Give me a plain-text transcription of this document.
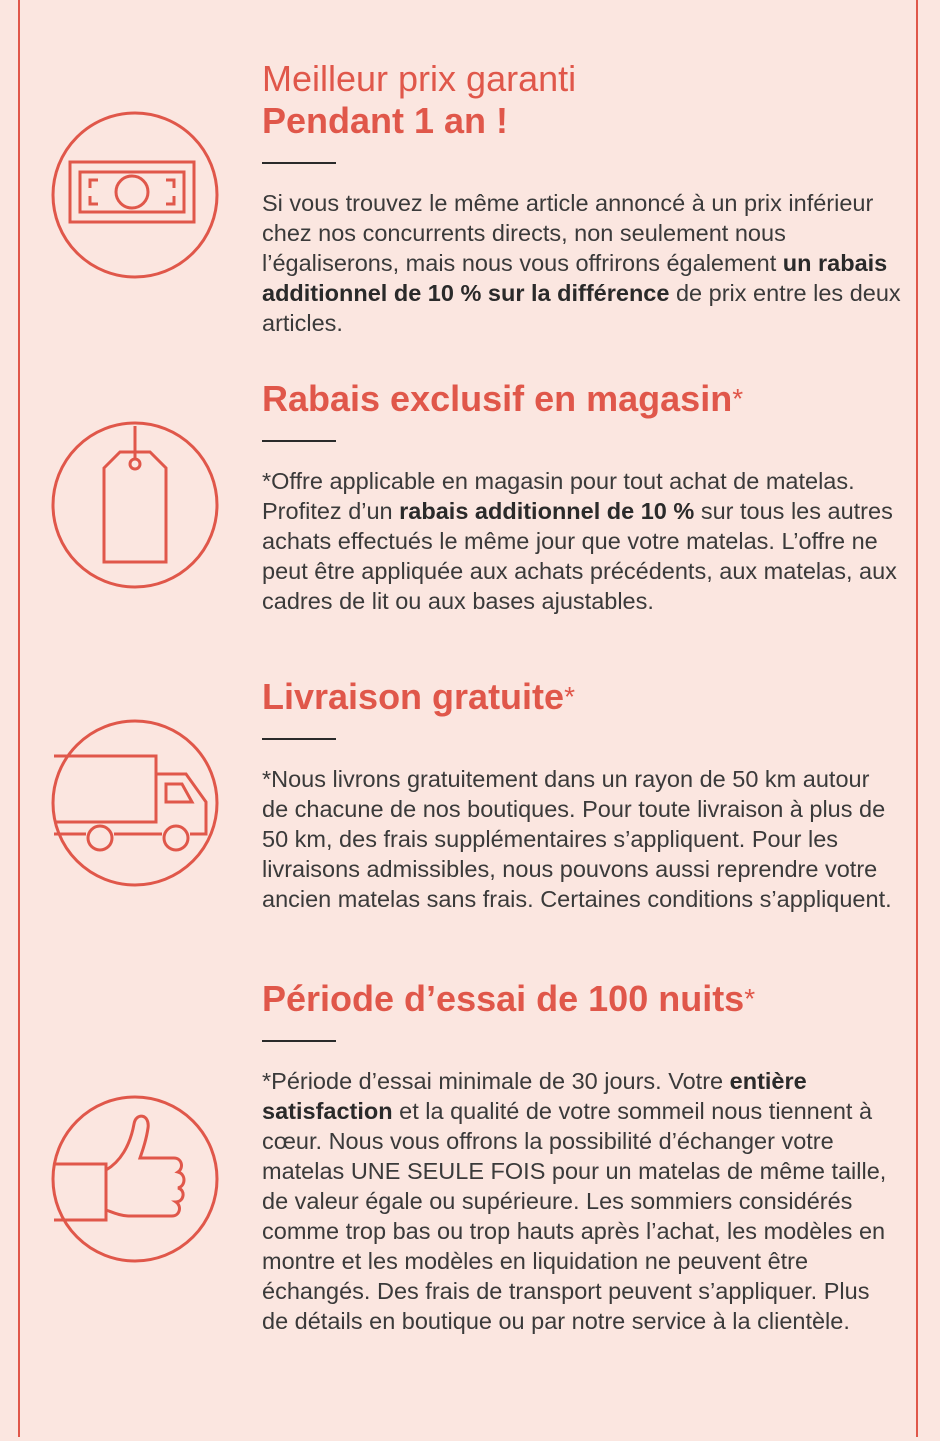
Meilleur prix garanti
Pendant 1 an !

Si vous trouvez le même article annoncé à un prix inférieur chez nos concurrents directs, non seulement nous l’égaliserons, mais nous vous offrirons également un rabais additionnel de 10 % sur la différence de prix entre les deux articles.

Rabais exclusif en magasin*

*Offre applicable en magasin pour tout achat de matelas. Profitez d’un rabais additionnel de 10 % sur tous les autres achats effectués le même jour que votre matelas. L’offre ne peut être appliquée aux achats précédents, aux matelas, aux cadres de lit ou aux bases ajustables.

Livraison gratuite*

*Nous livrons gratuitement dans un rayon de 50 km autour de chacune de nos boutiques. Pour toute livraison à plus de 50 km, des frais supplémentaires s’appliquent. Pour les livraisons admissibles, nous pouvons aussi reprendre votre ancien matelas sans frais. Certaines conditions s’appliquent.

Période d’essai de 100 nuits*

*Période d’essai minimale de 30 jours. Votre entière satisfaction et la qualité de votre sommeil nous tiennent à cœur. Nous vous offrons la possibilité d’échanger votre matelas UNE SEULE FOIS pour un matelas de même taille, de valeur égale ou supérieure. Les sommiers considérés comme trop bas ou trop hauts après l’achat, les modèles en montre et les modèles en liquidation ne peuvent être échangés. Des frais de transport peuvent s’appliquer. Plus de détails en boutique ou par notre service à la clientèle.
